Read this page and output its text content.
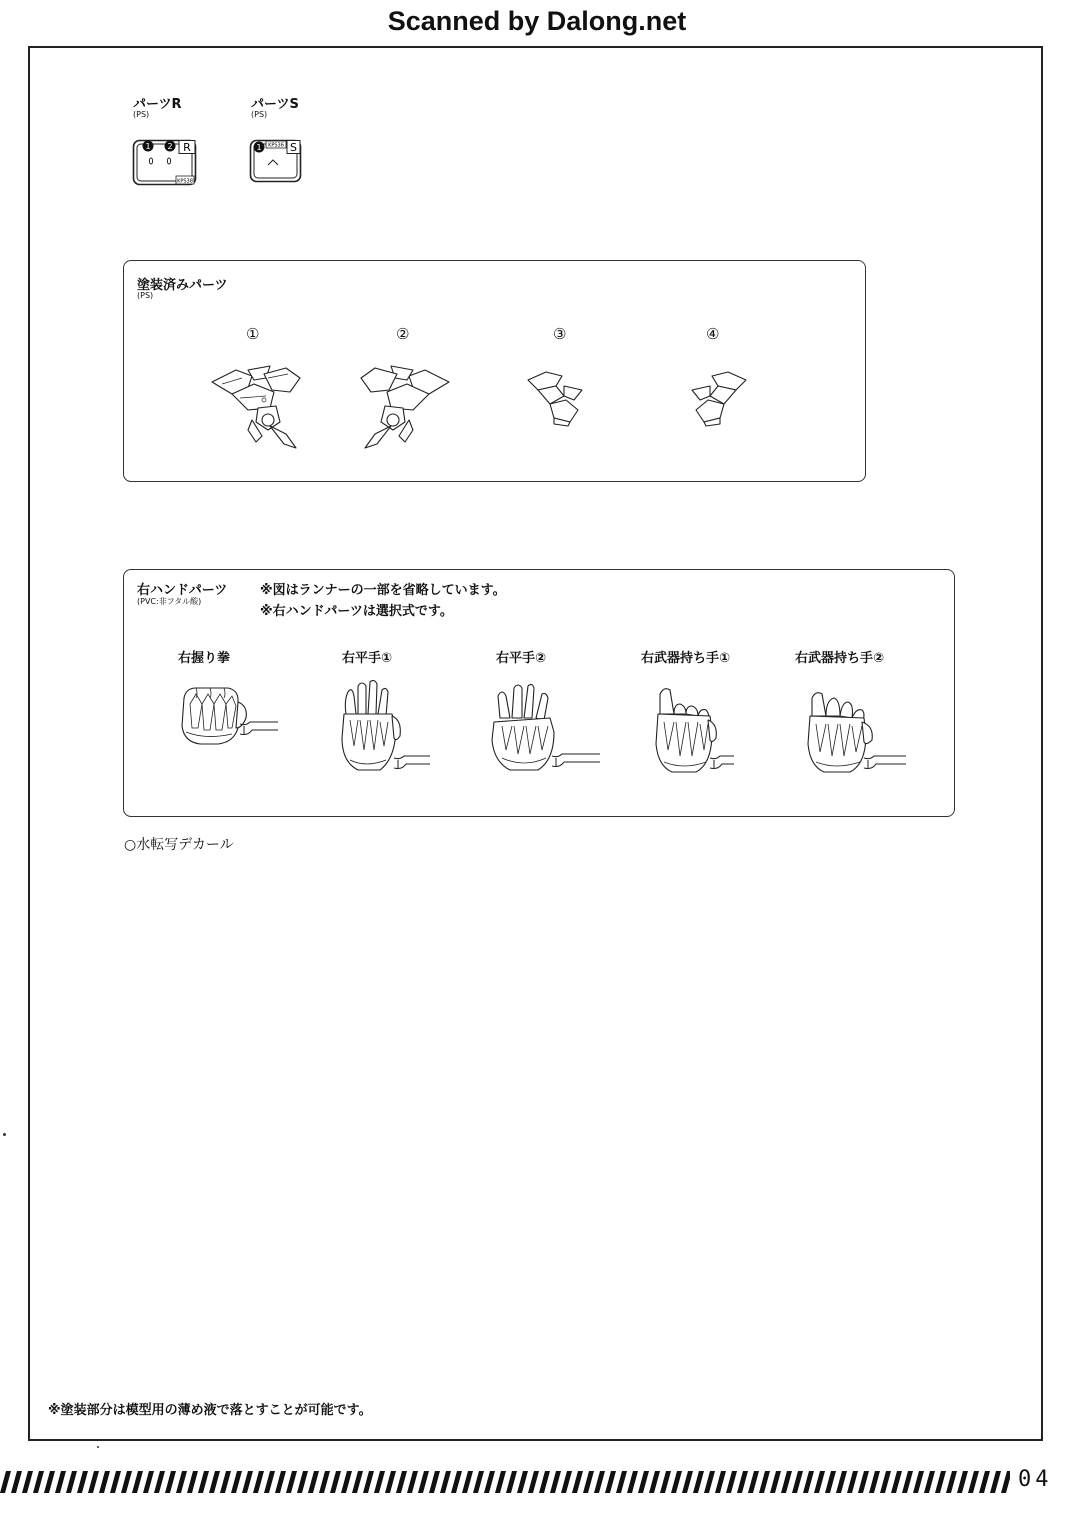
Scanned by Dalong.net
パーツR
(PS)
1 2 R
KPS38
パーツS
(PS)
1 KPS36 S
塗装済みパーツ
(PS)
①	②	③	④
右ハンドパーツ
(PVC:非フタル酸)
※図はランナーの一部を省略しています。
※右ハンドパーツは選択式です。
右握り拳	右平手①	右平手②	右武器持ち手①	右武器持ち手②
○水転写デカール
※塗装部分は模型用の薄め液で落とすことが可能です。
04
